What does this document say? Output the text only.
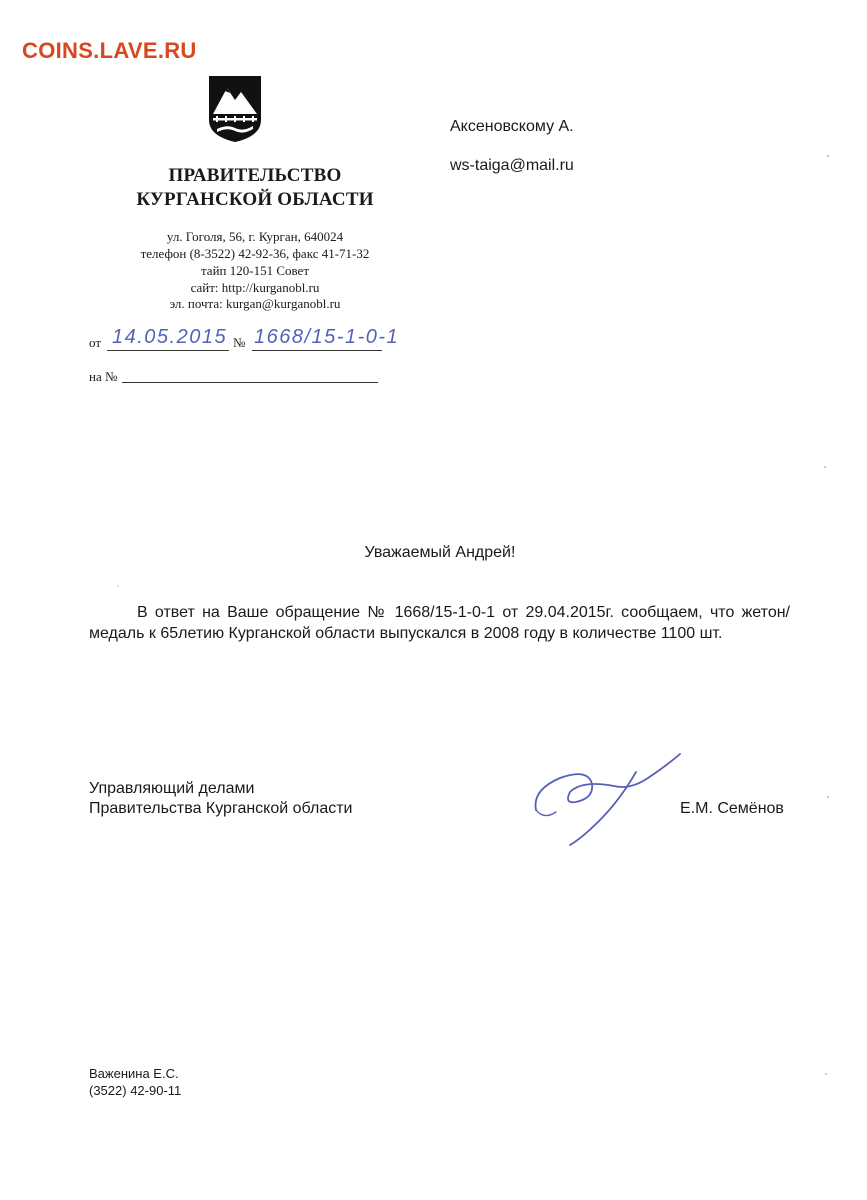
COINS.LAVE.RU
ПРАВИТЕЛЬСТВО
КУРГАНСКОЙ ОБЛАСТИ
ул. Гоголя, 56, г. Курган, 640024
телефон (8-3522) 42-92-36, факс 41-71-32
тайп 120-151 Совет
сайт: http://kurganobl.ru
эл. почта: kurgan@kurganobl.ru
от 14.05.2015 № 1668/15-1-0-1
на №
Аксеновскому А.
ws-taiga@mail.ru
Уважаемый Андрей!
В ответ на Ваше обращение № 1668/15-1-0-1 от 29.04.2015г. сообщаем, что жетон/медаль к 65летию Курганской области выпускался в 2008 году в количестве 1100 шт.
Управляющий делами
Правительства Курганской области	Е.М. Семёнов
Важенина Е.С.
(3522) 42-90-11
